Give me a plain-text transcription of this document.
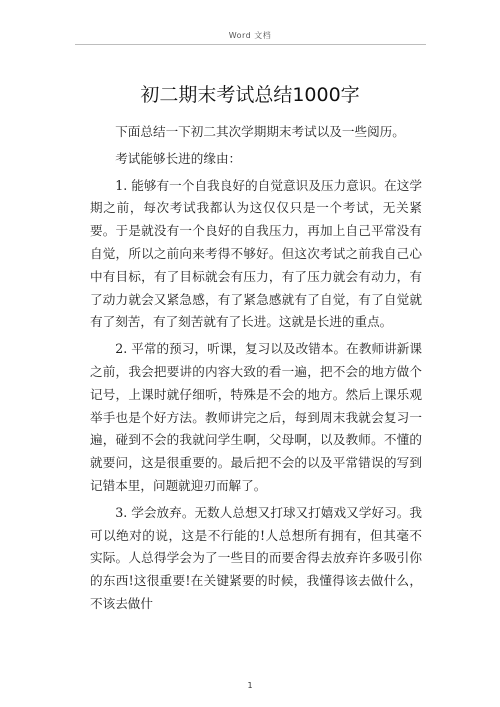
Word 文档
初二期末考试总结1000字

下面总结一下初二其次学期期末考试以及一些阅历。

考试能够长进的缘由：

1. 能够有一个自我良好的自觉意识及压力意识。在这学期之前，每次考试我都认为这仅仅只是一个考试，无关紧要。于是就没有一个良好的自我压力，再加上自己平常没有自觉，所以之前向来考得不够好。但这次考试之前我自己心中有目标，有了目标就会有压力，有了压力就会有动力，有了动力就会又紧急感，有了紧急感就有了自觉，有了自觉就有了刻苦，有了刻苦就有了长进。这就是长进的重点。

2. 平常的预习，听课，复习以及改错本。在教师讲新课之前，我会把要讲的内容大致的看一遍，把不会的地方做个记号，上课时就仔细听，特殊是不会的地方。然后上课乐观举手也是个好方法。教师讲完之后，每到周末我就会复习一遍，碰到不会的我就问学生啊，父母啊，以及教师。不懂的就要问，这是很重要的。最后把不会的以及平常错误的写到记错本里，问题就迎刃而解了。

3. 学会放弃。无数人总想又打球又打嬉戏又学好习。我可以绝对的说，这是不行能的!人总想所有拥有，但其毫不实际。人总得学会为了一些目的而要舍得去放弃许多吸引你的东西!这很重要!在关键紧要的时候，我懂得该去做什么，不该去做什

1
